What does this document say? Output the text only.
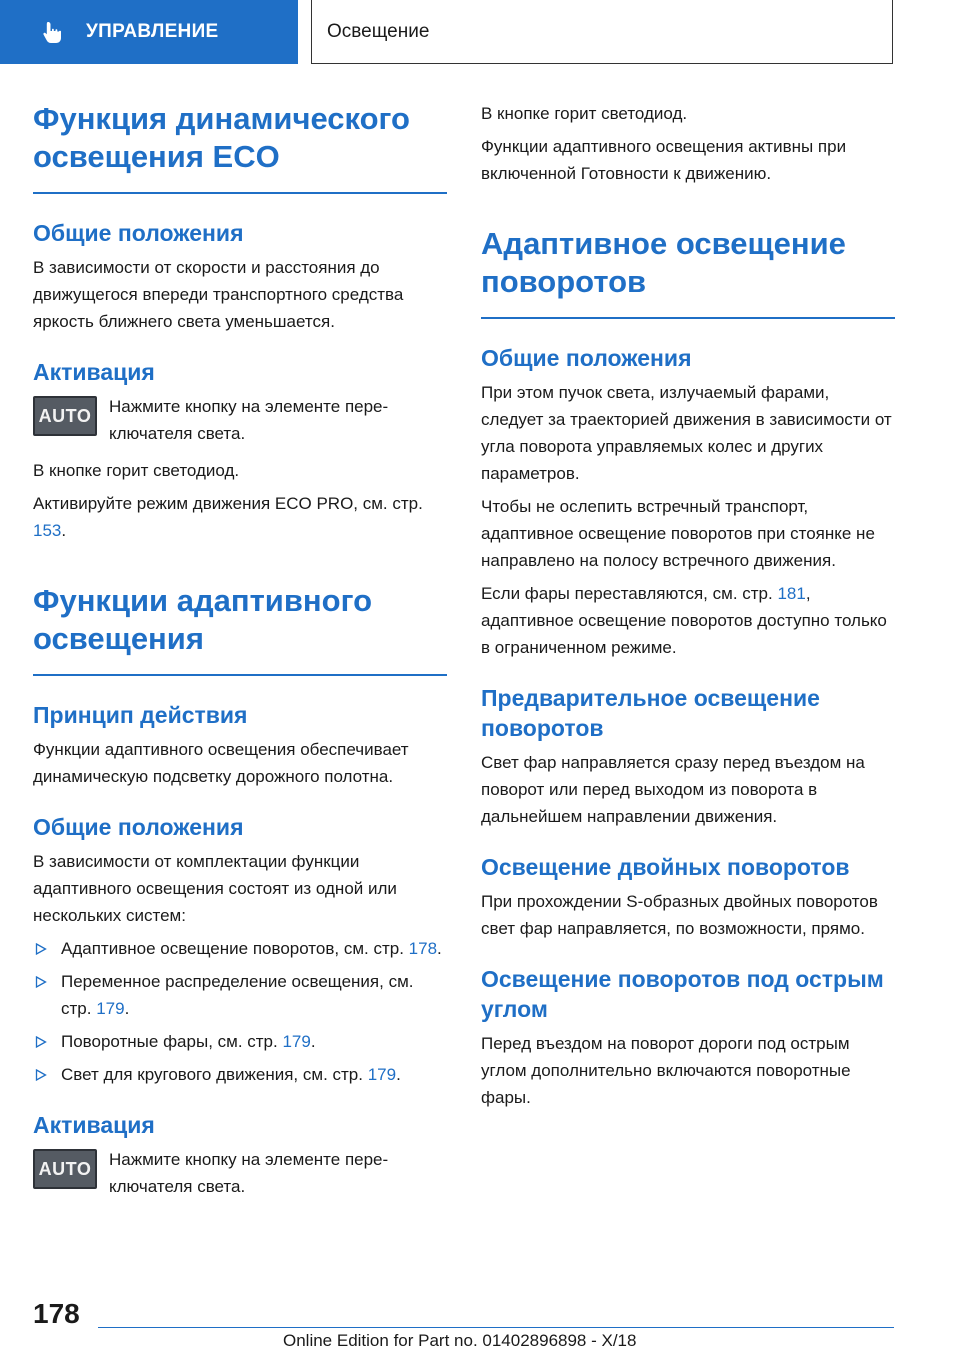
УПРАВЛЕНИЕ	Освещение
Функция динамического освещения ECO
Общие положения

В зависимости от скорости и расстояния до движущегося впереди транспортного средства яркость ближнего света уменьшается.

Активация
AUTO	Нажмите кнопку на элементе переключателя света.

В кнопке горит светодиод.

Активируйте режим движения ECO PRO, см. стр. 153.

Функции адаптивного освещения
Принцип действия

Функции адаптивного освещения обеспечивает динамическую подсветку дорожного полотна.

Общие положения

В зависимости от комплектации функции адаптивного освещения состоят из одной или нескольких систем:

Адаптивное освещение поворотов, см. стр. 178.
Переменное распределение освещения, см. стр. 179.
Поворотные фары, см. стр. 179.
Свет для кругового движения, см. стр. 179.
Активация
AUTO	Нажмите кнопку на элементе переключателя света.

В кнопке горит светодиод.

Функции адаптивного освещения активны при включенной Готовности к движению.

Адаптивное освещение поворотов
Общие положения

При этом пучок света, излучаемый фарами, следует за траекторией движения в зависимости от угла поворота управляемых колес и других параметров.

Чтобы не ослепить встречный транспорт, адаптивное освещение поворотов при стоянке не направлено на полосу встречного движения.

Если фары переставляются, см. стр. 181, адаптивное освещение поворотов доступно только в ограниченном режиме.

Предварительное освещение поворотов

Свет фар направляется сразу перед въездом на поворот или перед выходом из поворота в дальнейшем направлении движения.

Освещение двойных поворотов

При прохождении S-образных двойных поворотов свет фар направляется, по возможности, прямо.

Освещение поворотов под острым углом

Перед въездом на поворот дороги под острым углом дополнительно включаются поворотные фары.

178
Online Edition for Part no. 01402896898 - X/18
